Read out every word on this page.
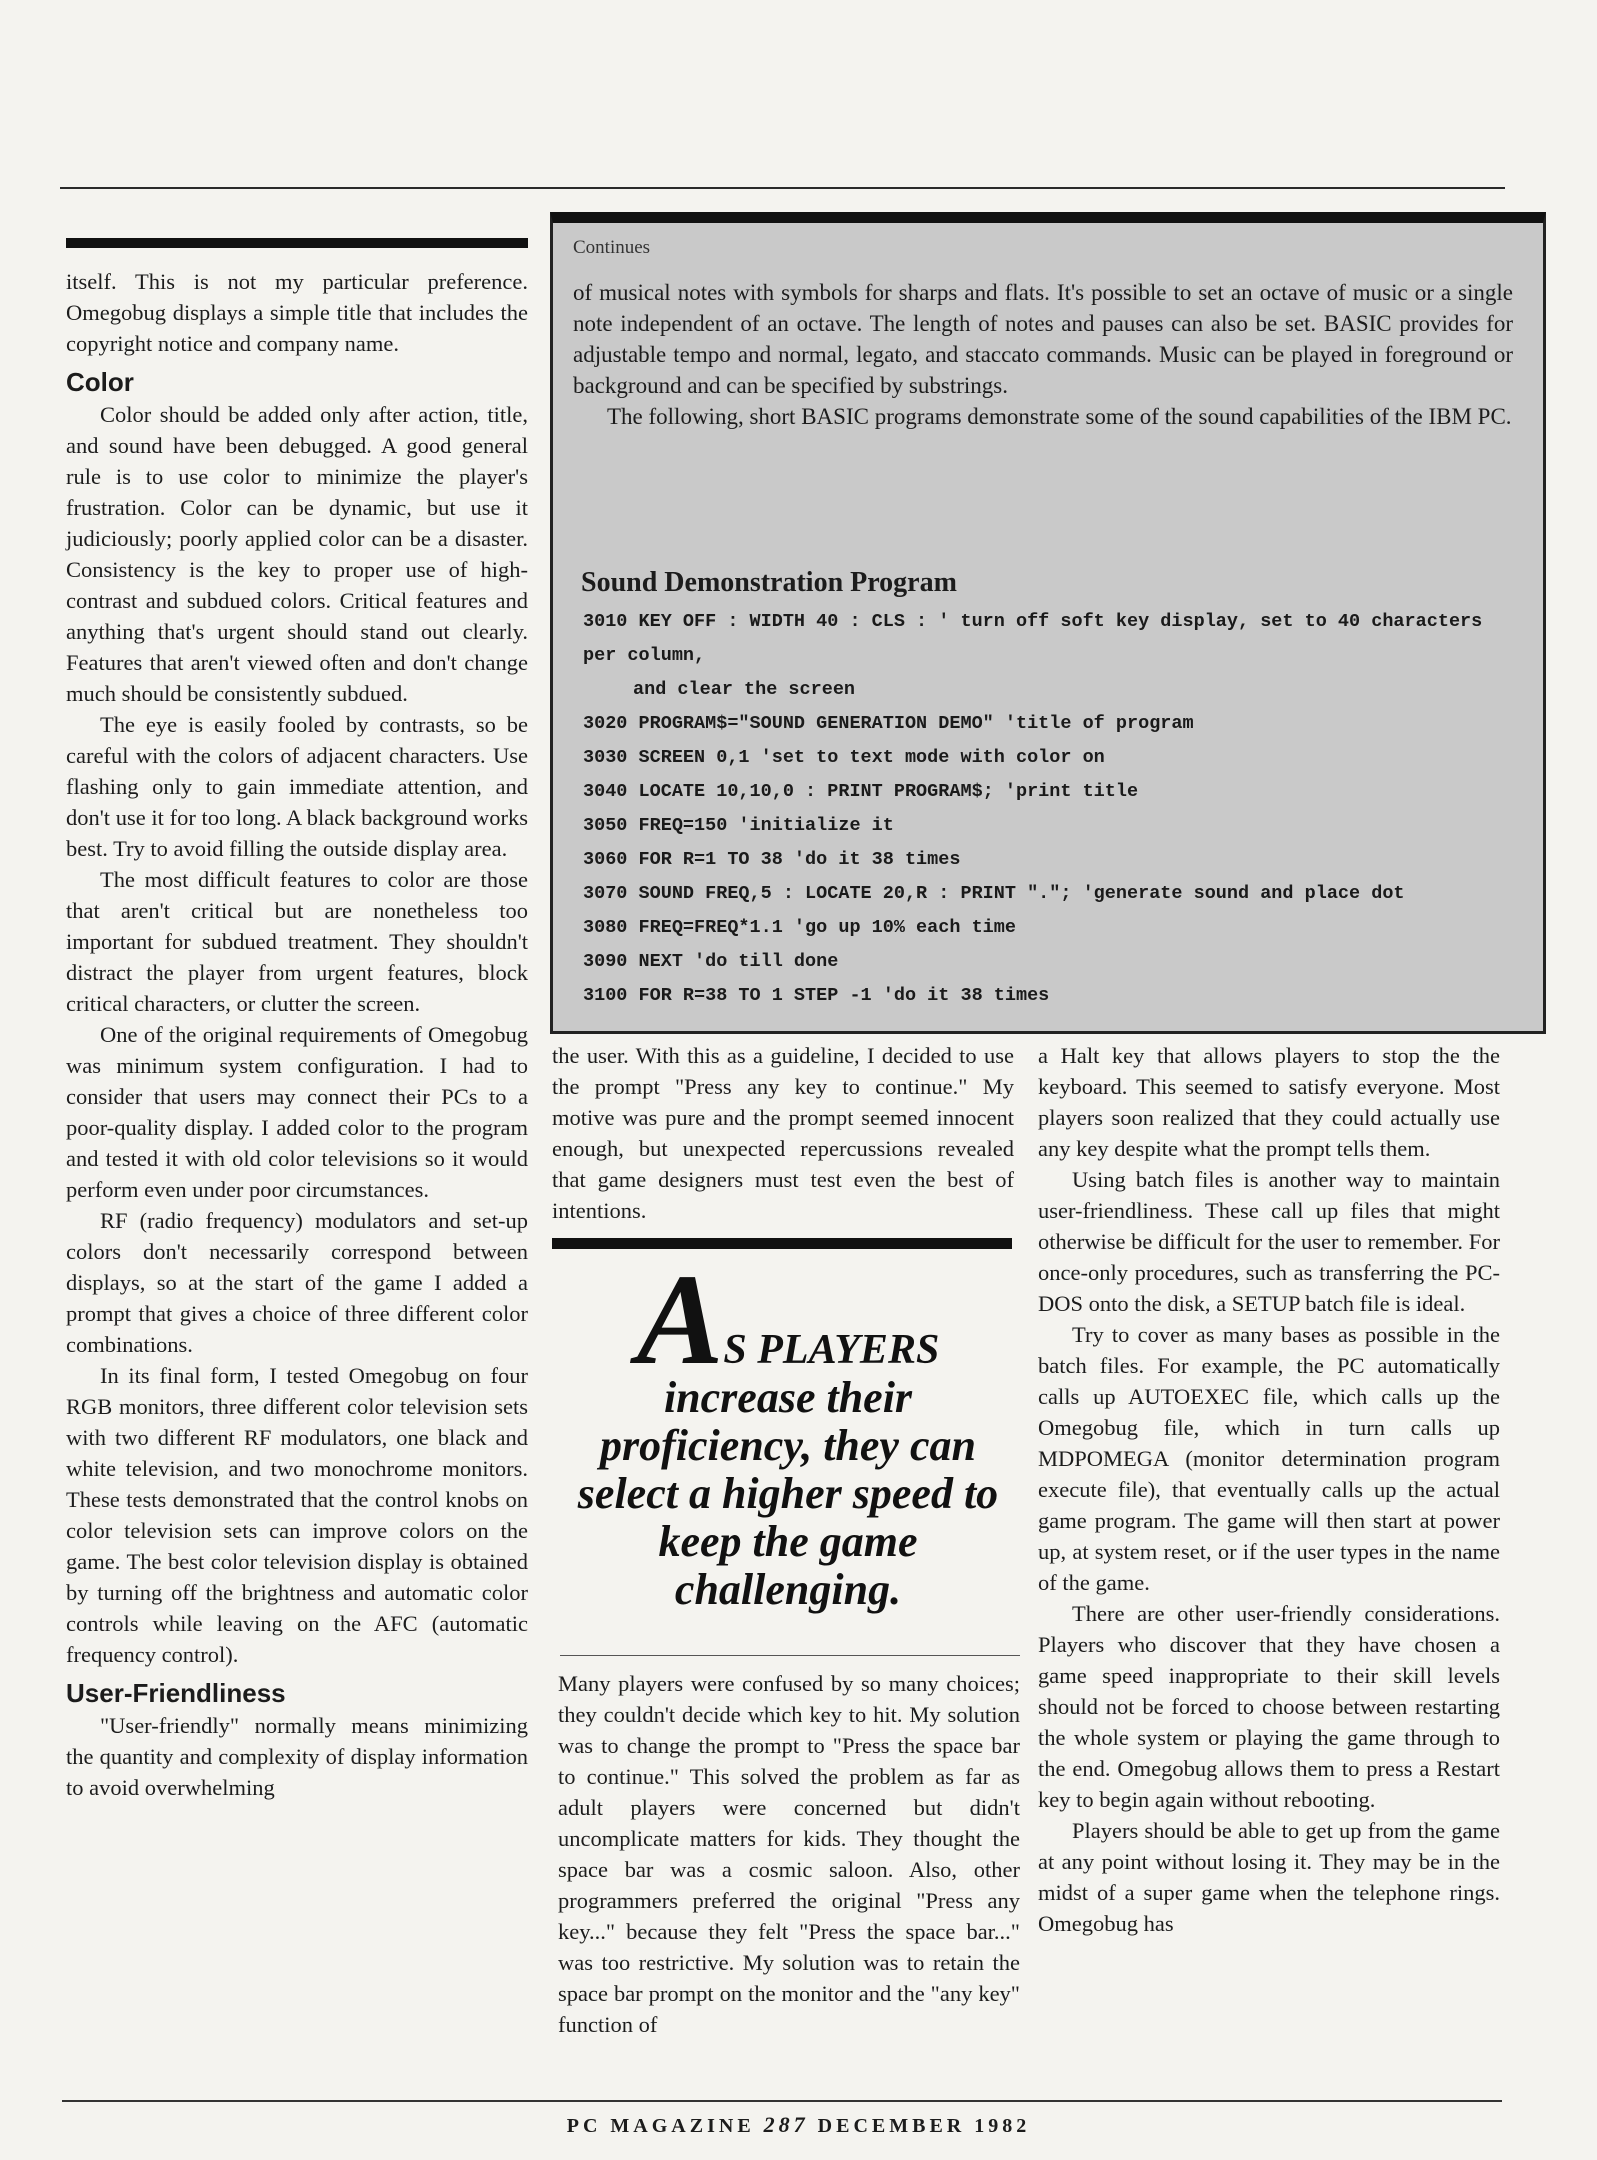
itself. This is not my particular preference. Omegobug displays a simple title that includes the copyright notice and company name.

Color

Color should be added only after action, title, and sound have been debugged. A good general rule is to use color to minimize the player's frustration. Color can be dynamic, but use it judiciously; poorly applied color can be a disaster. Consistency is the key to proper use of high-contrast and subdued colors. Critical features and anything that's urgent should stand out clearly. Features that aren't viewed often and don't change much should be consistently subdued.

The eye is easily fooled by contrasts, so be careful with the colors of adjacent characters. Use flashing only to gain immediate attention, and don't use it for too long. A black background works best. Try to avoid filling the outside display area.

The most difficult features to color are those that aren't critical but are nonetheless too important for subdued treatment. They shouldn't distract the player from urgent features, block critical characters, or clutter the screen.

One of the original requirements of Omegobug was minimum system configuration. I had to consider that users may connect their PCs to a poor-quality display. I added color to the program and tested it with old color televisions so it would perform even under poor circumstances.

RF (radio frequency) modulators and set-up colors don't necessarily correspond between displays, so at the start of the game I added a prompt that gives a choice of three different color combinations.

In its final form, I tested Omegobug on four RGB monitors, three different color television sets with two different RF modulators, one black and white television, and two monochrome monitors. These tests demonstrated that the control knobs on color television sets can improve colors on the game. The best color television display is obtained by turning off the brightness and automatic color controls while leaving on the AFC (automatic frequency control).

User-Friendliness

"User-friendly" normally means minimizing the quantity and complexity of display information to avoid overwhelming

Continues

of musical notes with symbols for sharps and flats. It's possible to set an octave of music or a single note independent of an octave. The length of notes and pauses can also be set. BASIC provides for adjustable tempo and normal, legato, and staccato commands. Music can be played in foreground or background and can be specified by substrings.

The following, short BASIC programs demonstrate some of the sound capabilities of the IBM PC.

Sound Demonstration Program
3010 KEY OFF : WIDTH 40 : CLS : ' turn off soft key display, set to 40 characters per column,
and clear the screen
3020 PROGRAM$="SOUND GENERATION DEMO" 'title of program
3030 SCREEN 0,1 'set to text mode with color on
3040 LOCATE 10,10,0 : PRINT PROGRAM$; 'print title
3050 FREQ=150 'initialize it
3060 FOR R=1 TO 38 'do it 38 times
3070 SOUND FREQ,5 : LOCATE 20,R : PRINT "."; 'generate sound and place dot
3080 FREQ=FREQ*1.1 'go up 10% each time
3090 NEXT 'do till done
3100 FOR R=38 TO 1 STEP -1 'do it 38 times

the user. With this as a guideline, I decided to use the prompt "Press any key to continue." My motive was pure and the prompt seemed innocent enough, but unexpected repercussions revealed that game designers must test even the best of intentions.

AS PLAYERS
increase their proficiency, they can select a higher speed to keep the game challenging.

Many players were confused by so many choices; they couldn't decide which key to hit. My solution was to change the prompt to "Press the space bar to continue." This solved the problem as far as adult players were concerned but didn't uncomplicate matters for kids. They thought the space bar was a cosmic saloon. Also, other programmers preferred the original "Press any key..." because they felt "Press the space bar..." was too restrictive. My solution was to retain the space bar prompt on the monitor and the "any key" function of

a Halt key that allows players to stop the the keyboard. This seemed to satisfy everyone. Most players soon realized that they could actually use any key despite what the prompt tells them.

Using batch files is another way to maintain user-friendliness. These call up files that might otherwise be difficult for the user to remember. For once-only procedures, such as transferring the PC-DOS onto the disk, a SETUP batch file is ideal.

Try to cover as many bases as possible in the batch files. For example, the PC automatically calls up AUTOEXEC file, which calls up the Omegobug file, which in turn calls up MDPOMEGA (monitor determination program execute file), that eventually calls up the actual game program. The game will then start at power up, at system reset, or if the user types in the name of the game.

There are other user-friendly considerations. Players who discover that they have chosen a game speed inappropriate to their skill levels should not be forced to choose between restarting the whole system or playing the game through to the end. Omegobug allows them to press a Restart key to begin again without rebooting.

Players should be able to get up from the game at any point without losing it. They may be in the midst of a super game when the telephone rings. Omegobug has

PC MAGAZINE 287 DECEMBER 1982
